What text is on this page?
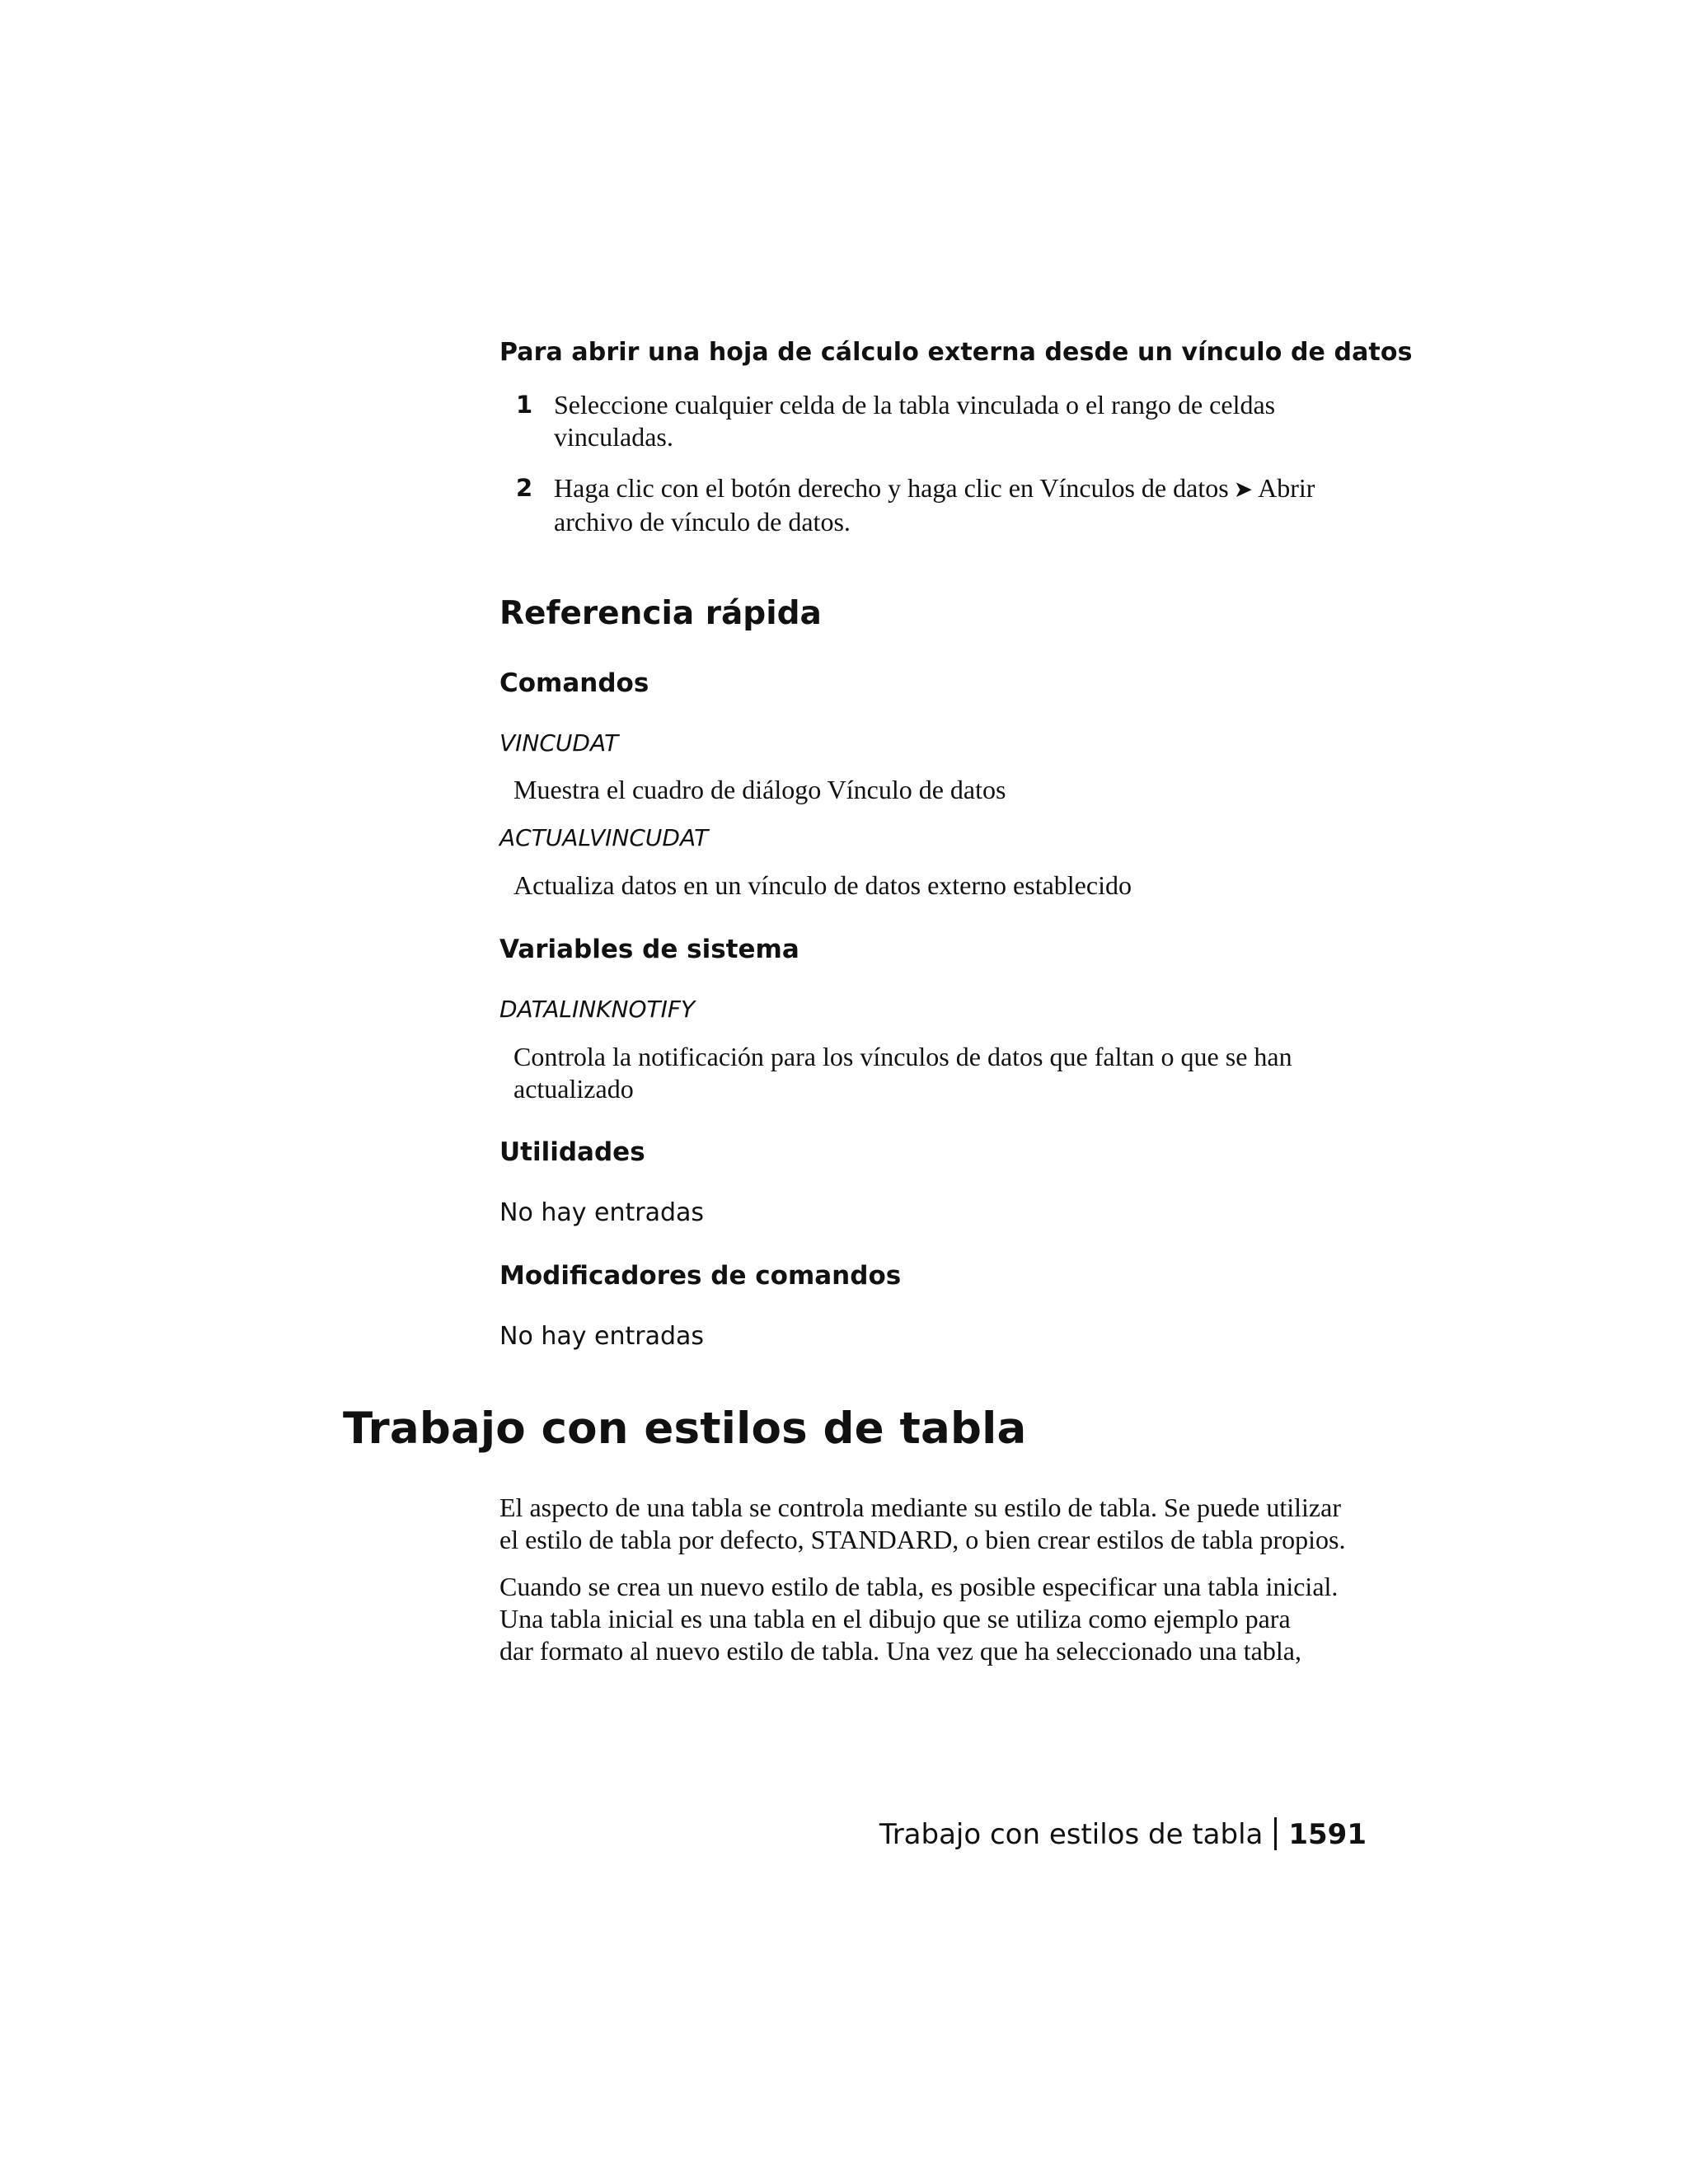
Para abrir una hoja de cálculo externa desde un vínculo de datos
1 Seleccione cualquier celda de la tabla vinculada o el rango de celdas
vinculadas.
2 Haga clic con el botón derecho y haga clic en Vínculos de datos ➤ Abrir
archivo de vínculo de datos.
Referencia rápida
Comandos
VINCUDAT
Muestra el cuadro de diálogo Vínculo de datos
ACTUALVINCUDAT
Actualiza datos en un vínculo de datos externo establecido
Variables de sistema
DATALINKNOTIFY
Controla la notificación para los vínculos de datos que faltan o que se han
actualizado
Utilidades
No hay entradas
Modificadores de comandos
No hay entradas
Trabajo con estilos de tabla
El aspecto de una tabla se controla mediante su estilo de tabla. Se puede utilizar
el estilo de tabla por defecto, STANDARD, o bien crear estilos de tabla propios.
Cuando se crea un nuevo estilo de tabla, es posible especificar una tabla inicial.
Una tabla inicial es una tabla en el dibujo que se utiliza como ejemplo para
dar formato al nuevo estilo de tabla. Una vez que ha seleccionado una tabla,
Trabajo con estilos de tabla 1591
